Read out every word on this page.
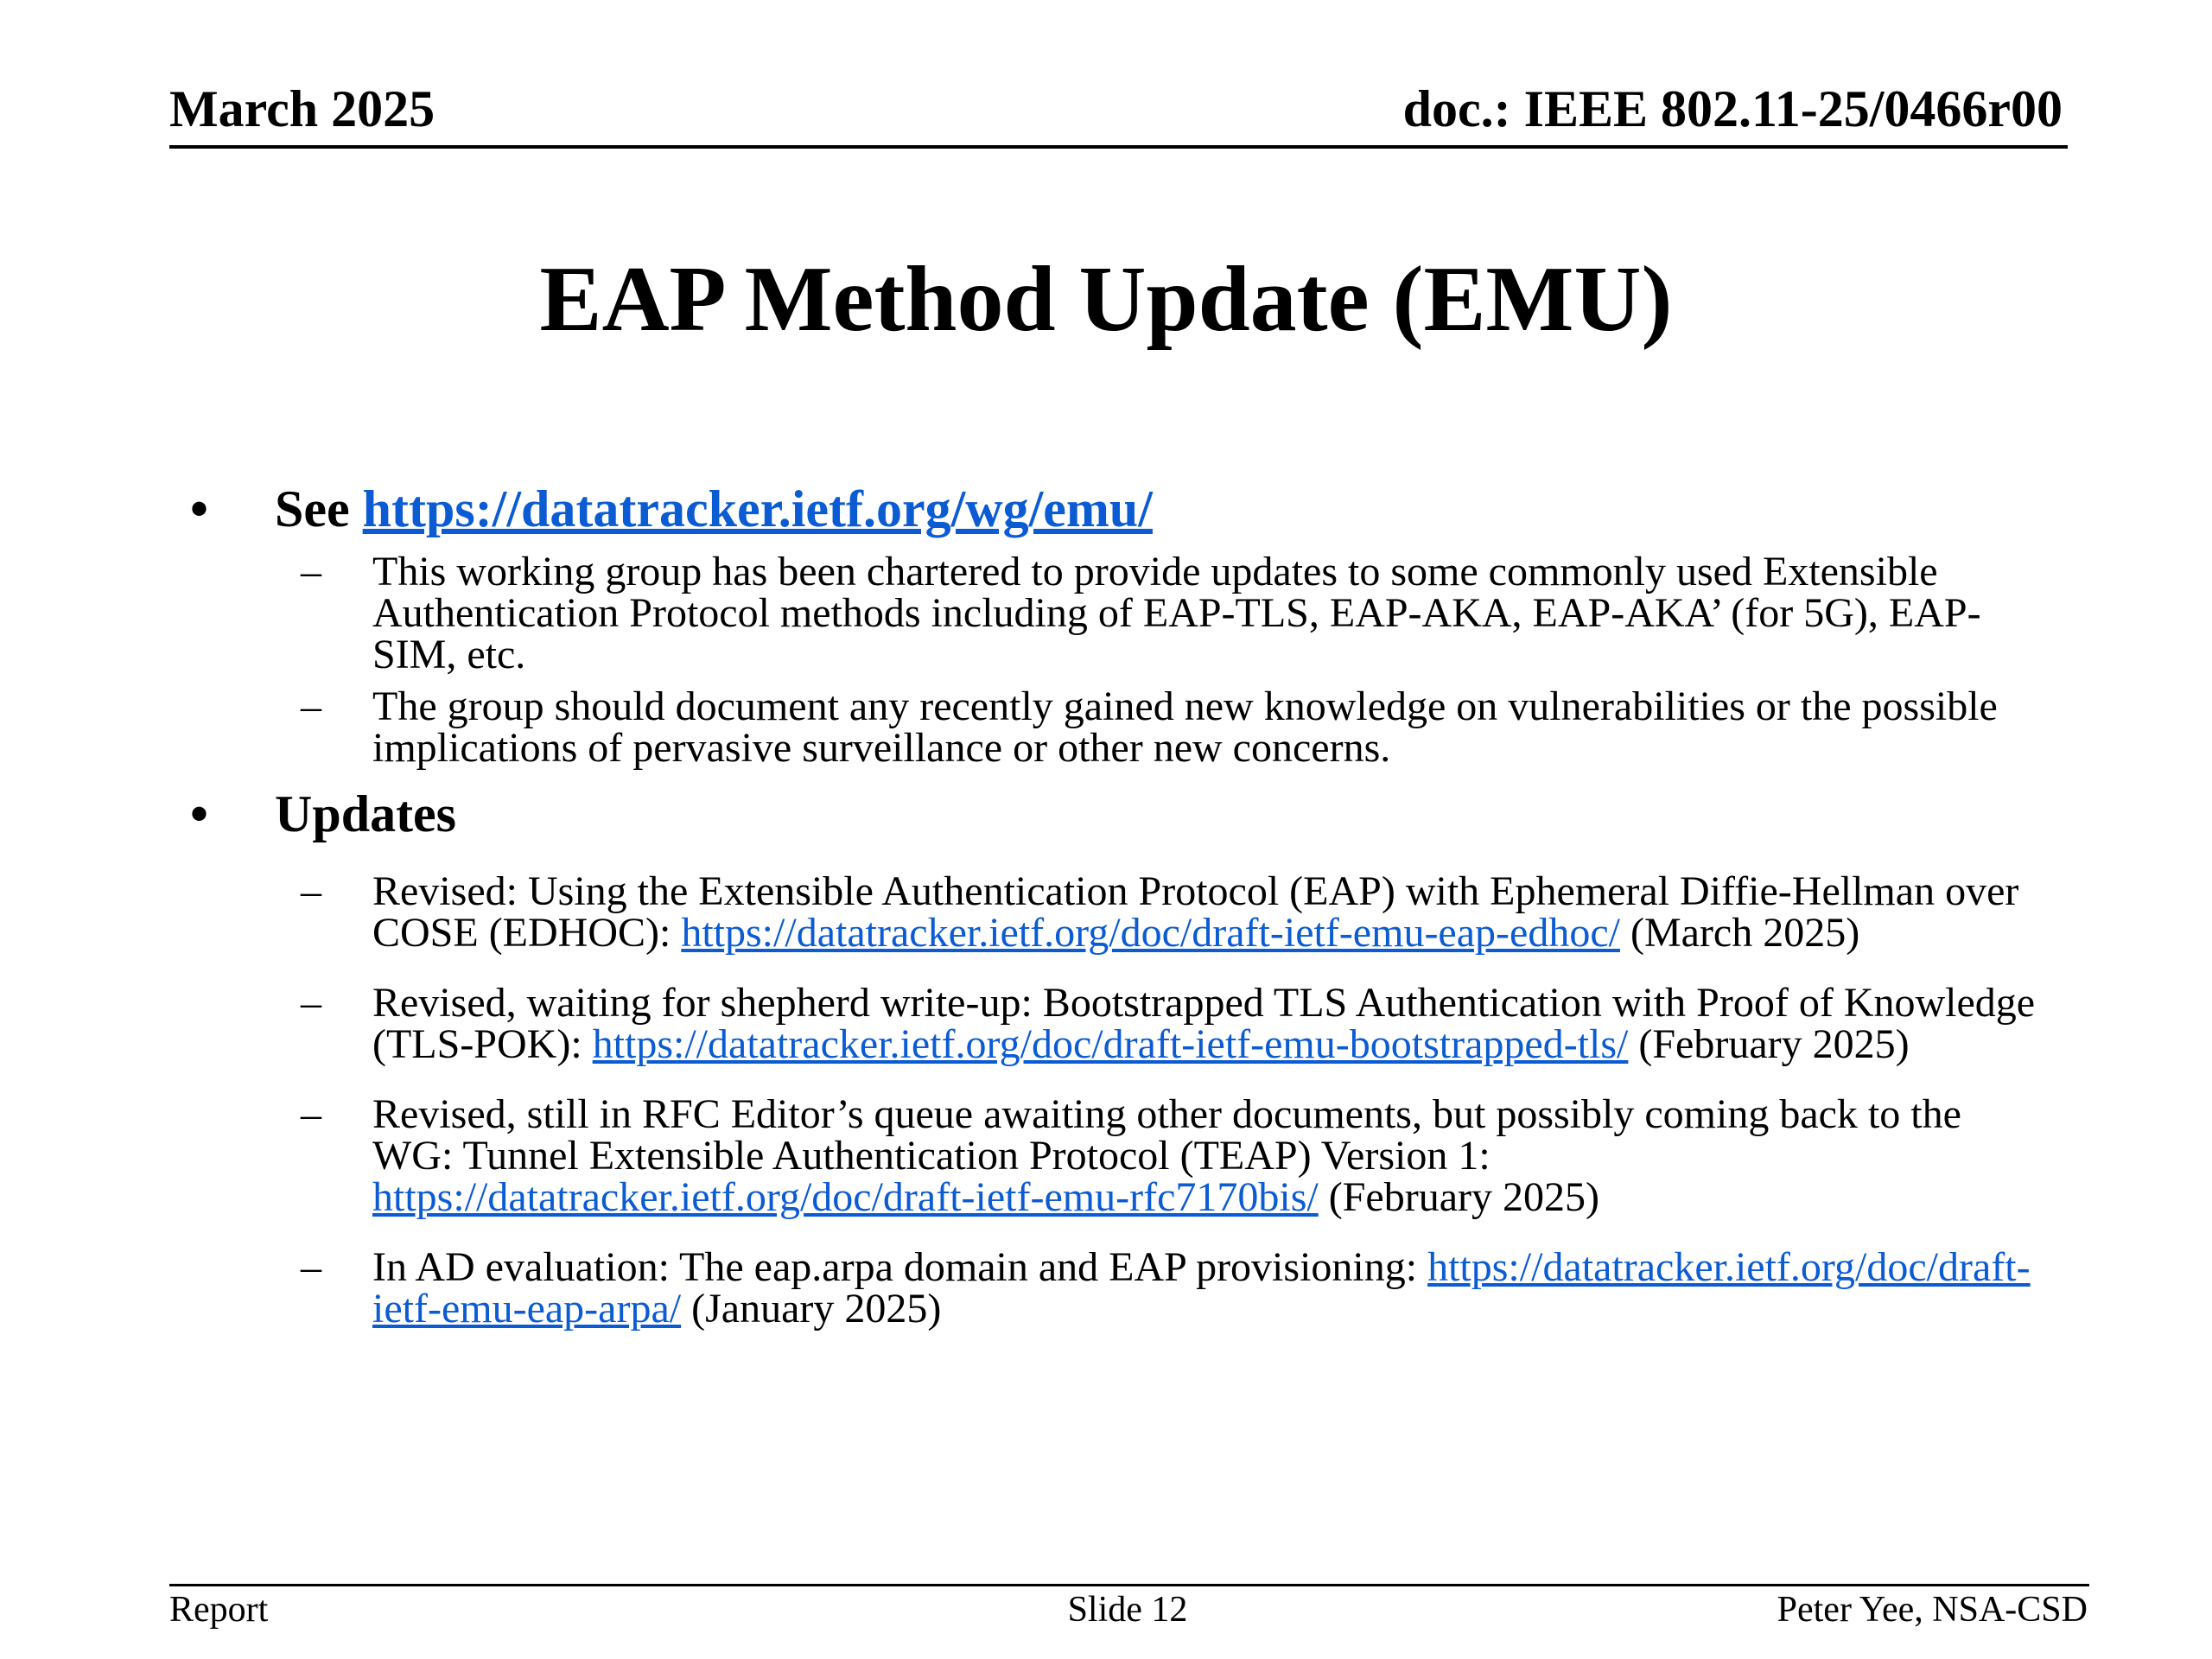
March 2025	doc.: IEEE 802.11-25/0466r00
EAP Method Update (EMU)
• See https://datatracker.ietf.org/wg/emu/
– This working group has been chartered to provide updates to some commonly used Extensible Authentication Protocol methods including of EAP-TLS, EAP-AKA, EAP-AKA’ (for 5G), EAP-SIM, etc.
– The group should document any recently gained new knowledge on vulnerabilities or the possible implications of pervasive surveillance or other new concerns.
• Updates
– Revised: Using the Extensible Authentication Protocol (EAP) with Ephemeral Diffie-Hellman over COSE (EDHOC): https://datatracker.ietf.org/doc/draft-ietf-emu-eap-edhoc/ (March 2025)
– Revised, waiting for shepherd write-up: Bootstrapped TLS Authentication with Proof of Knowledge (TLS-POK): https://datatracker.ietf.org/doc/draft-ietf-emu-bootstrapped-tls/ (February 2025)
– Revised, still in RFC Editor’s queue awaiting other documents, but possibly coming back to the WG: Tunnel Extensible Authentication Protocol (TEAP) Version 1: https://datatracker.ietf.org/doc/draft-ietf-emu-rfc7170bis/ (February 2025)
– In AD evaluation: The eap.arpa domain and EAP provisioning: https://datatracker.ietf.org/doc/draft-ietf-emu-eap-arpa/ (January 2025)
Report	Slide 12	Peter Yee, NSA-CSD
